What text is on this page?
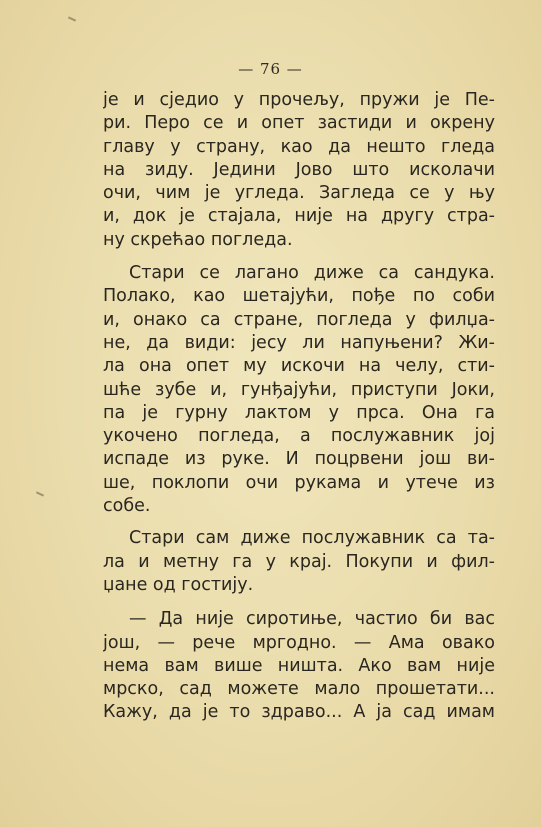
— 76 —
је и сједио у прочељу, пружи је Пе-
ри. Перо се и опет застиди и окрену
главу у страну, као да нешто гледа
на зиду. Једини Јово што исколачи
очи, чим је угледа. Загледа се у њу
и, док је стајала, није на другу стра-
ну скрећао погледа.
Стари се лагано диже са сандука.
Полако, као шетајући, пође по соби
и, онако са стране, погледа у филџа-
не, да види: јесу ли напуњени? Жи-
ла она опет му искочи на челу, сти-
шће зубе и, гунђајући, приступи Јоки,
па је гурну лактом у прса. Она га
укочено погледа, а послужавник јој
испаде из руке. И поцрвени још ви-
ше, поклопи очи рукама и утече из
собе.
Стари сам диже послужавник са та-
ла и метну га у крај. Покупи и фил-
џане од гостију.
— Да није сиротиње, частио би вас
још, — рече мргодно. — Ама овако
нема вам више ништа. Ако вам није
мрско, сад можете мало прошетати...
Кажу, да је то здраво... А ја сад имам
